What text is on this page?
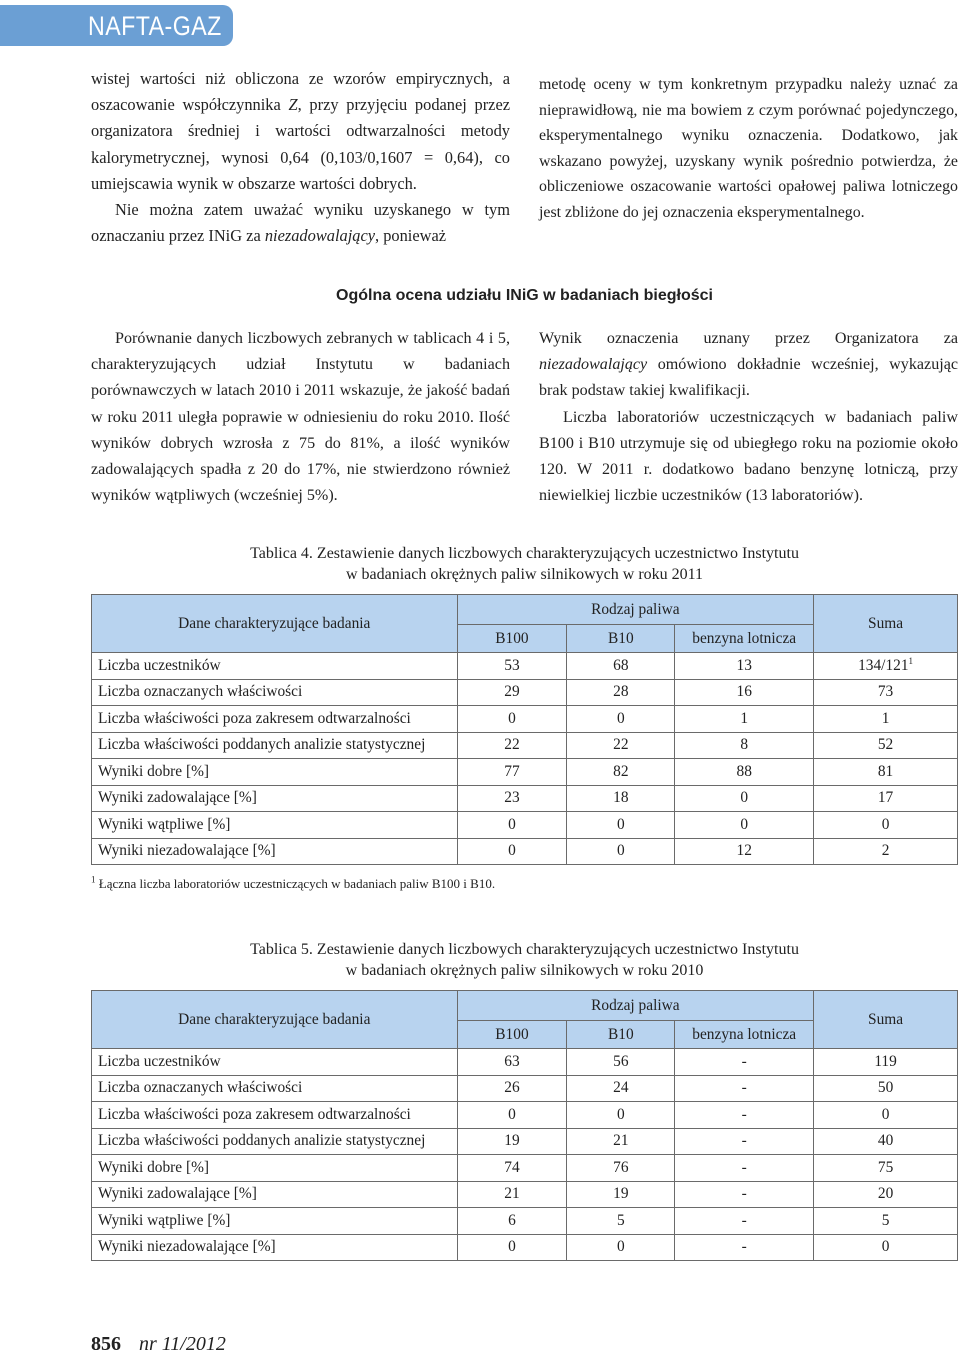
NAFTA-GAZ

wistej wartości niż obliczona ze wzorów empirycznych, a oszacowanie współczynnika Z, przy przyjęciu podanej przez organizatora średniej i wartości odtwarzalności metody kalorymetrycznej, wynosi 0,64 (0,103/0,1607 = 0,64), co umiejscawia wynik w obszarze wartości dobrych.

Nie można zatem uważać wyniku uzyskanego w tym oznaczaniu przez INiG za niezadowalający, ponieważ

metodę oceny w tym konkretnym przypadku należy uznać za nieprawidłową, nie ma bowiem z czym porównać pojedynczego, eksperymentalnego wyniku oznaczenia. Dodatkowo, jak wskazano powyżej, uzyskany wynik pośrednio potwierdza, że obliczeniowe oszacowanie wartości opałowej paliwa lotniczego jest zbliżone do jej oznaczenia eksperymentalnego.

Ogólna ocena udziału INiG w badaniach biegłości

Porównanie danych liczbowych zebranych w tablicach 4 i 5, charakteryzujących udział Instytutu w badaniach porównawczych w latach 2010 i 2011 wskazuje, że jakość badań w roku 2011 uległa poprawie w odniesieniu do roku 2010. Ilość wyników dobrych wzrosła z 75 do 81%, a ilość wyników zadowalających spadła z 20 do 17%, nie stwierdzono również wyników wątpliwych (wcześniej 5%).

Wynik oznaczenia uznany przez Organizatora za niezadowalający omówiono dokładnie wcześniej, wykazując brak podstaw takiej kwalifikacji.

Liczba laboratoriów uczestniczących w badaniach paliw B100 i B10 utrzymuje się od ubiegłego roku na poziomie około 120. W 2011 r. dodatkowo badano benzynę lotniczą, przy niewielkiej liczbie uczestników (13 laboratoriów).

Tablica 4. Zestawienie danych liczbowych charakteryzujących uczestnictwo Instytutu
w badaniach okrężnych paliw silnikowych w roku 2011
Dane charakteryzujące badania	Rodzaj paliwa			Suma
	B100	B10	benzyna lotnicza	
Liczba uczestników	53	68	13	$134/121^1$
Liczba oznaczanych właściwości	29	28	16	73
Liczba właściwości poza zakresem odtwarzalności	0	0	1	1
Liczba właściwości poddanych analizie statystycznej	22	22	8	52
Wyniki dobre [%]	77	82	88	81
Wyniki zadowalające [%]	23	18	0	17
Wyniki wątpliwe [%]	0	0	0	0
Wyniki niezadowalające [%]	0	0	12	2
$^1$ Łączna liczba laboratoriów uczestniczących w badaniach paliw B100 i B10.
Tablica 5. Zestawienie danych liczbowych charakteryzujących uczestnictwo Instytutu
w badaniach okrężnych paliw silnikowych w roku 2010
Dane charakteryzujące badania	Rodzaj paliwa			Suma
	B100	B10	benzyna lotnicza	
Liczba uczestników	63	56	-	119
Liczba oznaczanych właściwości	26	24	-	50
Liczba właściwości poza zakresem odtwarzalności	0	0	-	0
Liczba właściwości poddanych analizie statystycznej	19	21	-	40
Wyniki dobre [%]	74	76	-	75
Wyniki zadowalające [%]	21	19	-	20
Wyniki wątpliwe [%]	6	5	-	5
Wyniki niezadowalające [%]	0	0	-	0
856 nr 11/2012
